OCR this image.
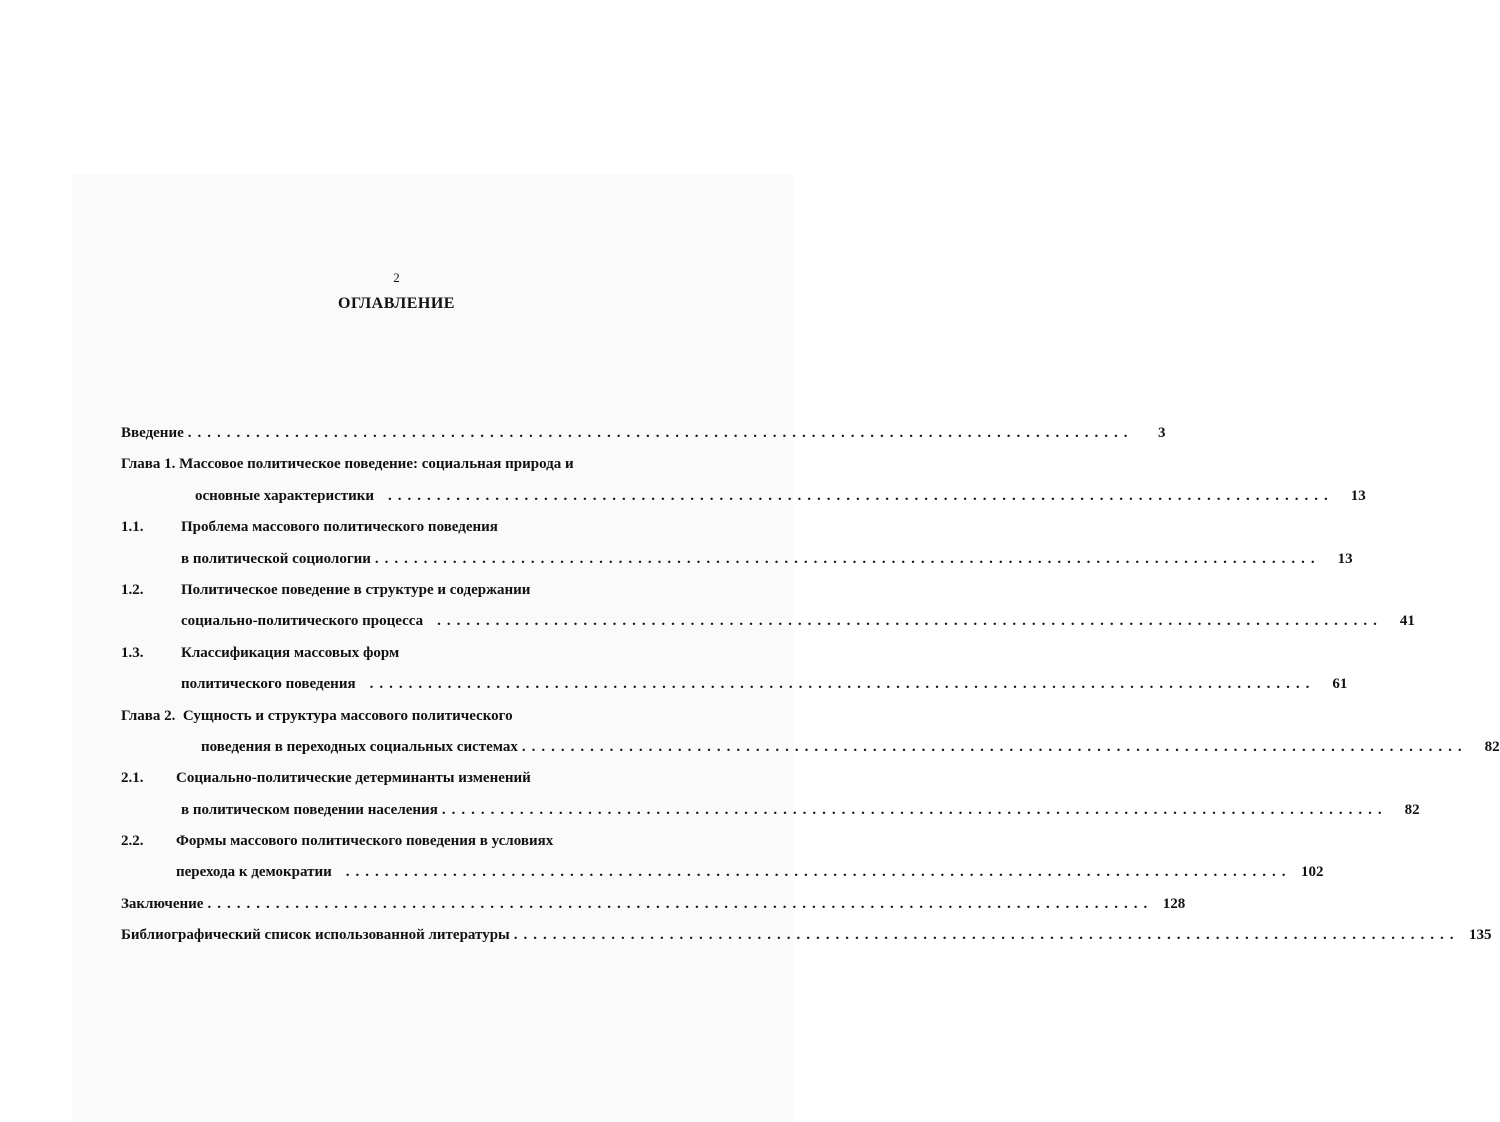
2
ОГЛАВЛЕНИЕ
Введение .................................................................................................	3
Глава 1.
Массовое политическое поведение: социальная природа и
основные характеристики .................................................................................................	13
1.1.	Проблема массового политического поведения
в политической социологии .................................................................................................	13
1.2.	Политическое поведение в структуре и содержании
социально-политического процесса .................................................................................................	41
1.3.	Классификация массовых форм
политического поведения .................................................................................................	61
Глава 2.
Сущность и структура массового политического
поведения в переходных социальных системах .................................................................................................	82
2.1.	Социально-политические детерминанты изменений
в политическом поведении населения .................................................................................................	82
2.2.	Формы массового политического поведения в условиях
перехода к демократии ................................................................................................. 102
Заключение ................................................................................................. 128
Библиографический список использованной литературы ................................................................................................. 135
